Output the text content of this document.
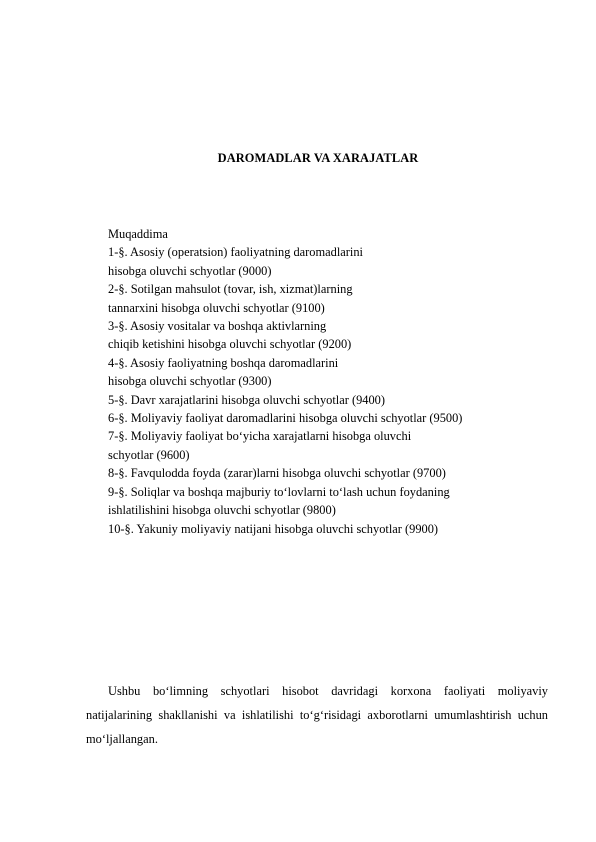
DAROMADLAR VA XARAJATLAR
Muqaddima
1-§. Asosiy (operatsion) faoliyatning daromadlarini
hisobga oluvchi schyotlar (9000)
2-§. Sotilgan mahsulot (tovar, ish, xizmat)larning
tannarxini hisobga oluvchi schyotlar (9100)
3-§. Asosiy vositalar va boshqa aktivlarning
chiqib ketishini hisobga oluvchi schyotlar (9200)
4-§. Asosiy faoliyatning boshqa daromadlarini
hisobga oluvchi schyotlar (9300)
5-§. Davr xarajatlarini hisobga oluvchi schyotlar (9400)
6-§. Moliyaviy faoliyat daromadlarini hisobga oluvchi schyotlar (9500)
7-§. Moliyaviy faoliyat bo‘yicha xarajatlarni hisobga oluvchi
schyotlar (9600)
8-§. Favqulodda foyda (zarar)larni hisobga oluvchi schyotlar (9700)
9-§. Soliqlar va boshqa majburiy to‘lovlarni to‘lash uchun foydaning
ishlatilishini hisobga oluvchi schyotlar (9800)
10-§. Yakuniy moliyaviy natijani hisobga oluvchi schyotlar (9900)

Ushbu bo‘limning schyotlari hisobot davridagi korxona faoliyati moliyaviy natijalarining shakllanishi va ishlatilishi to‘g‘risidagi axborotlarni umumlashtirish uchun mo‘ljallangan.
